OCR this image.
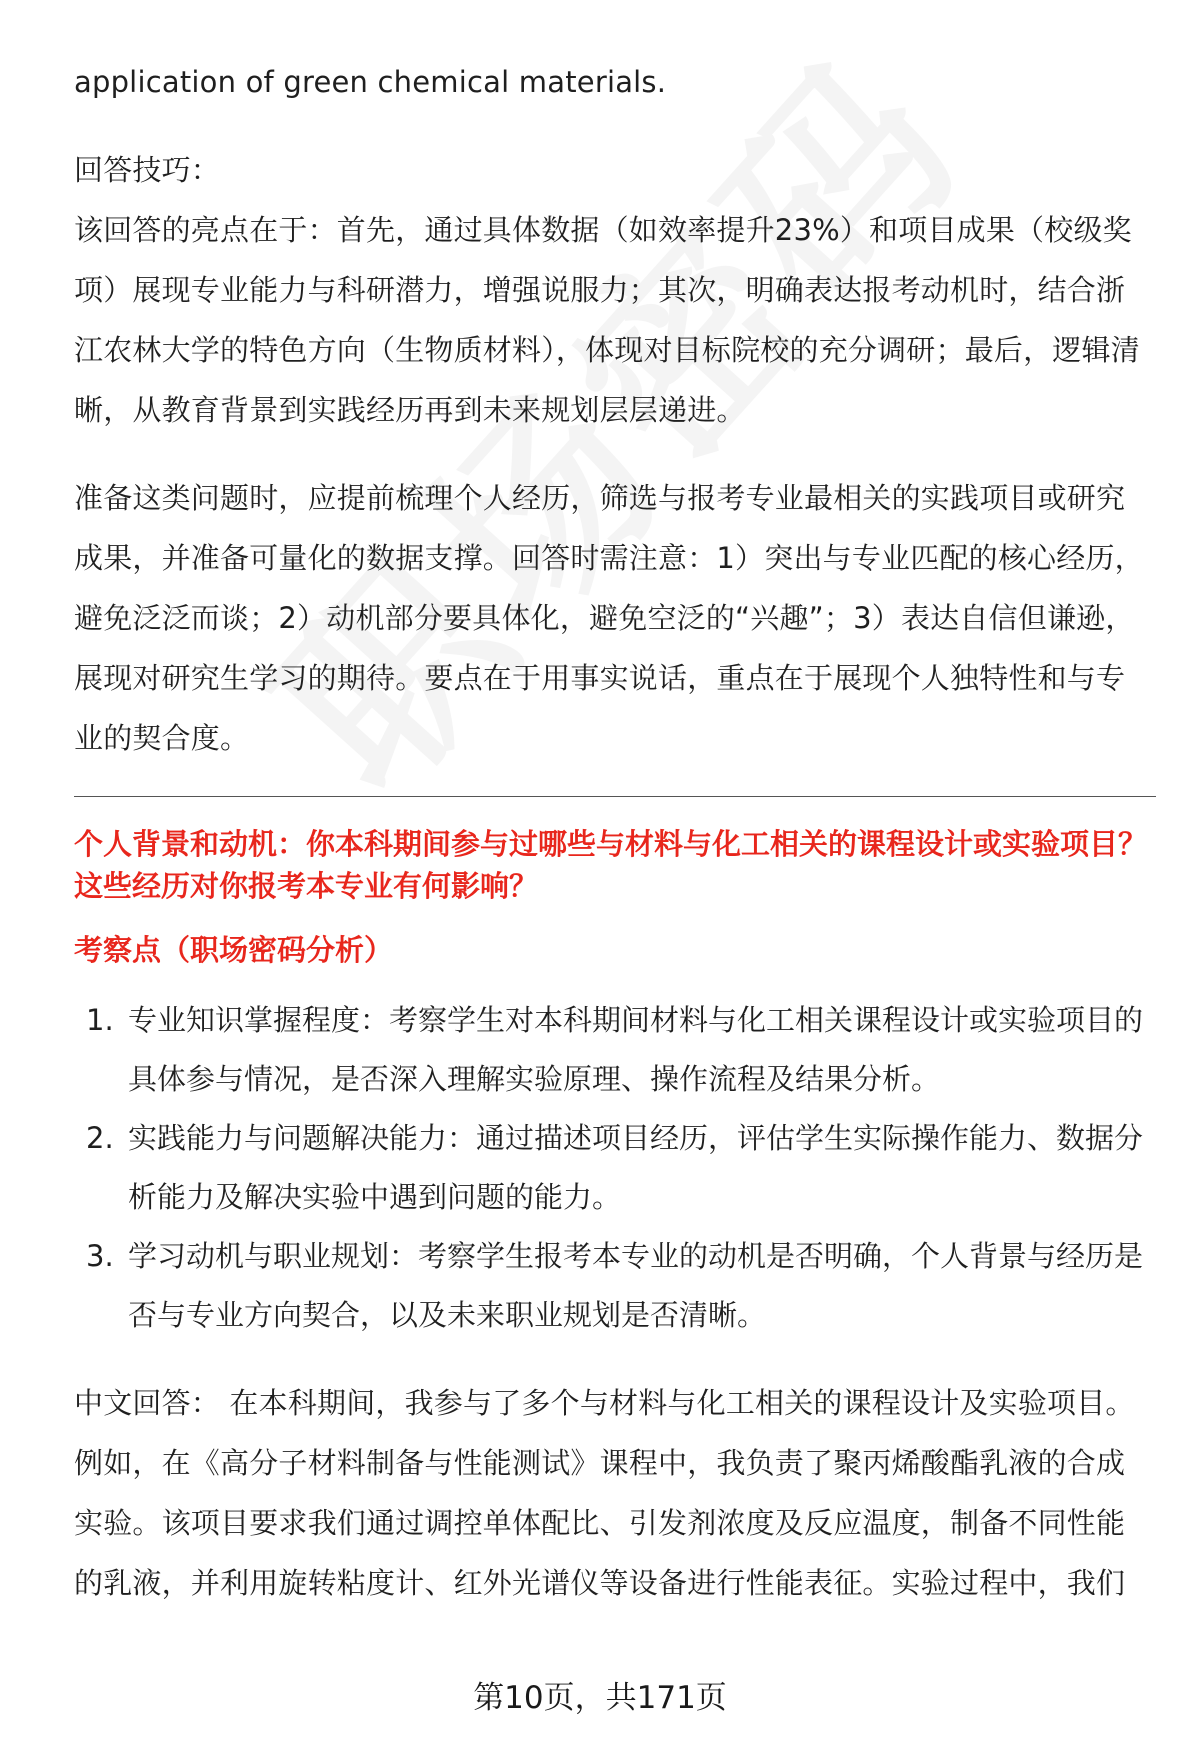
application of green chemical materials.

回答技巧：

该回答的亮点在于：首先，通过具体数据（如效率提升23%）和项目成果（校级奖项）展现专业能力与科研潜力，增强说服力；其次，明确表达报考动机时，结合浙江农林大学的特色方向（生物质材料），体现对目标院校的充分调研；最后，逻辑清晰，从教育背景到实践经历再到未来规划层层递进。

准备这类问题时，应提前梳理个人经历，筛选与报考专业最相关的实践项目或研究成果，并准备可量化的数据支撑。回答时需注意：1）突出与专业匹配的核心经历，避免泛泛而谈；2）动机部分要具体化，避免空泛的“兴趣”；3）表达自信但谦逊，展现对研究生学习的期待。要点在于用事实说话，重点在于展现个人独特性和与专业的契合度。

个人背景和动机：你本科期间参与过哪些与材料与化工相关的课程设计或实验项目？这些经历对你报考本专业有何影响？

考察点（职场密码分析）

1. 专业知识掌握程度：考察学生对本科期间材料与化工相关课程设计或实验项目的具体参与情况，是否深入理解实验原理、操作流程及结果分析。
2. 实践能力与问题解决能力：通过描述项目经历，评估学生实际操作能力、数据分析能力及解决实验中遇到问题的能力。
3. 学习动机与职业规划：考察学生报考本专业的动机是否明确，个人背景与经历是否与专业方向契合，以及未来职业规划是否清晰。

中文回答： 在本科期间，我参与了多个与材料与化工相关的课程设计及实验项目。例如，在《高分子材料制备与性能测试》课程中，我负责了聚丙烯酸酯乳液的合成实验。该项目要求我们通过调控单体配比、引发剂浓度及反应温度，制备不同性能的乳液，并利用旋转粘度计、红外光谱仪等设备进行性能表征。实验过程中，我们

第10页，共171页
